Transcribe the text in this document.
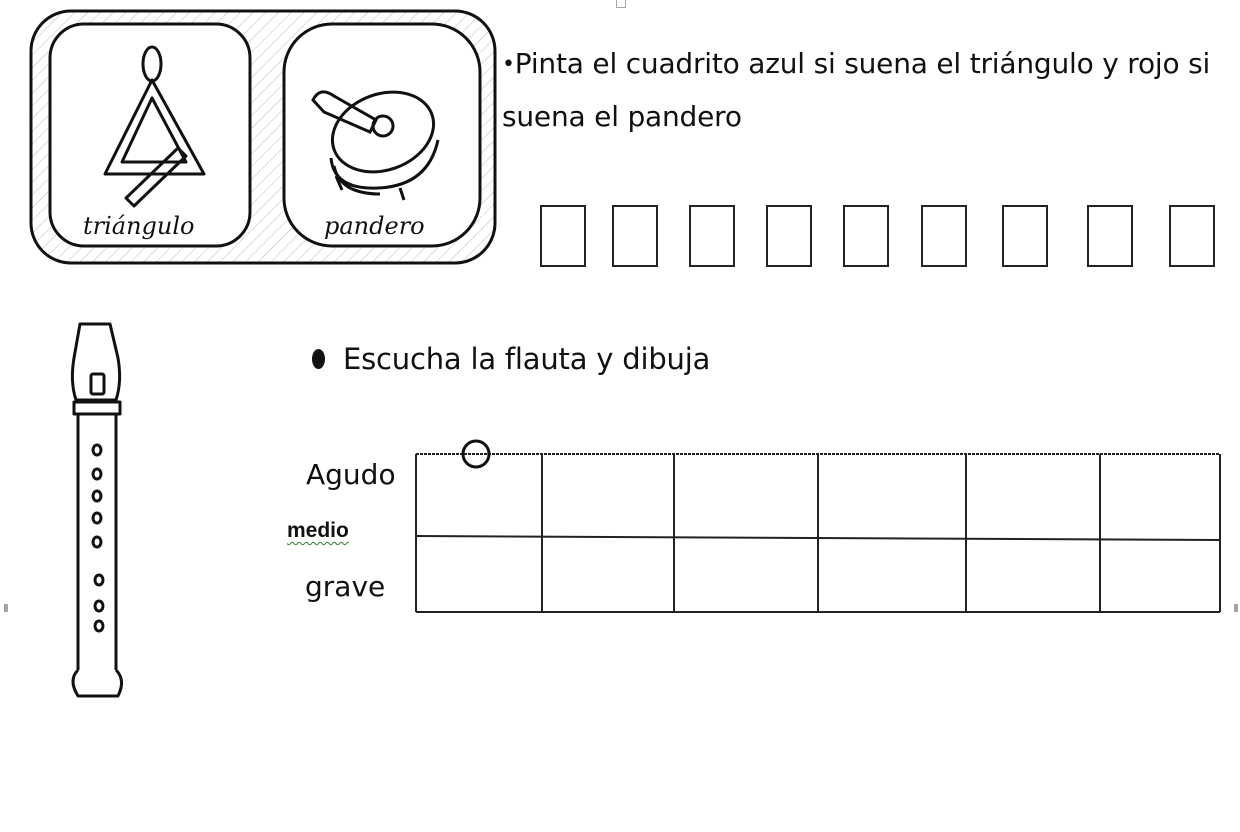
triángulo	pandero
•Pinta el cuadrito azul si suena el triángulo y rojo si suena el pandero
Escucha la flauta y dibuja
Agudo
medio
grave
